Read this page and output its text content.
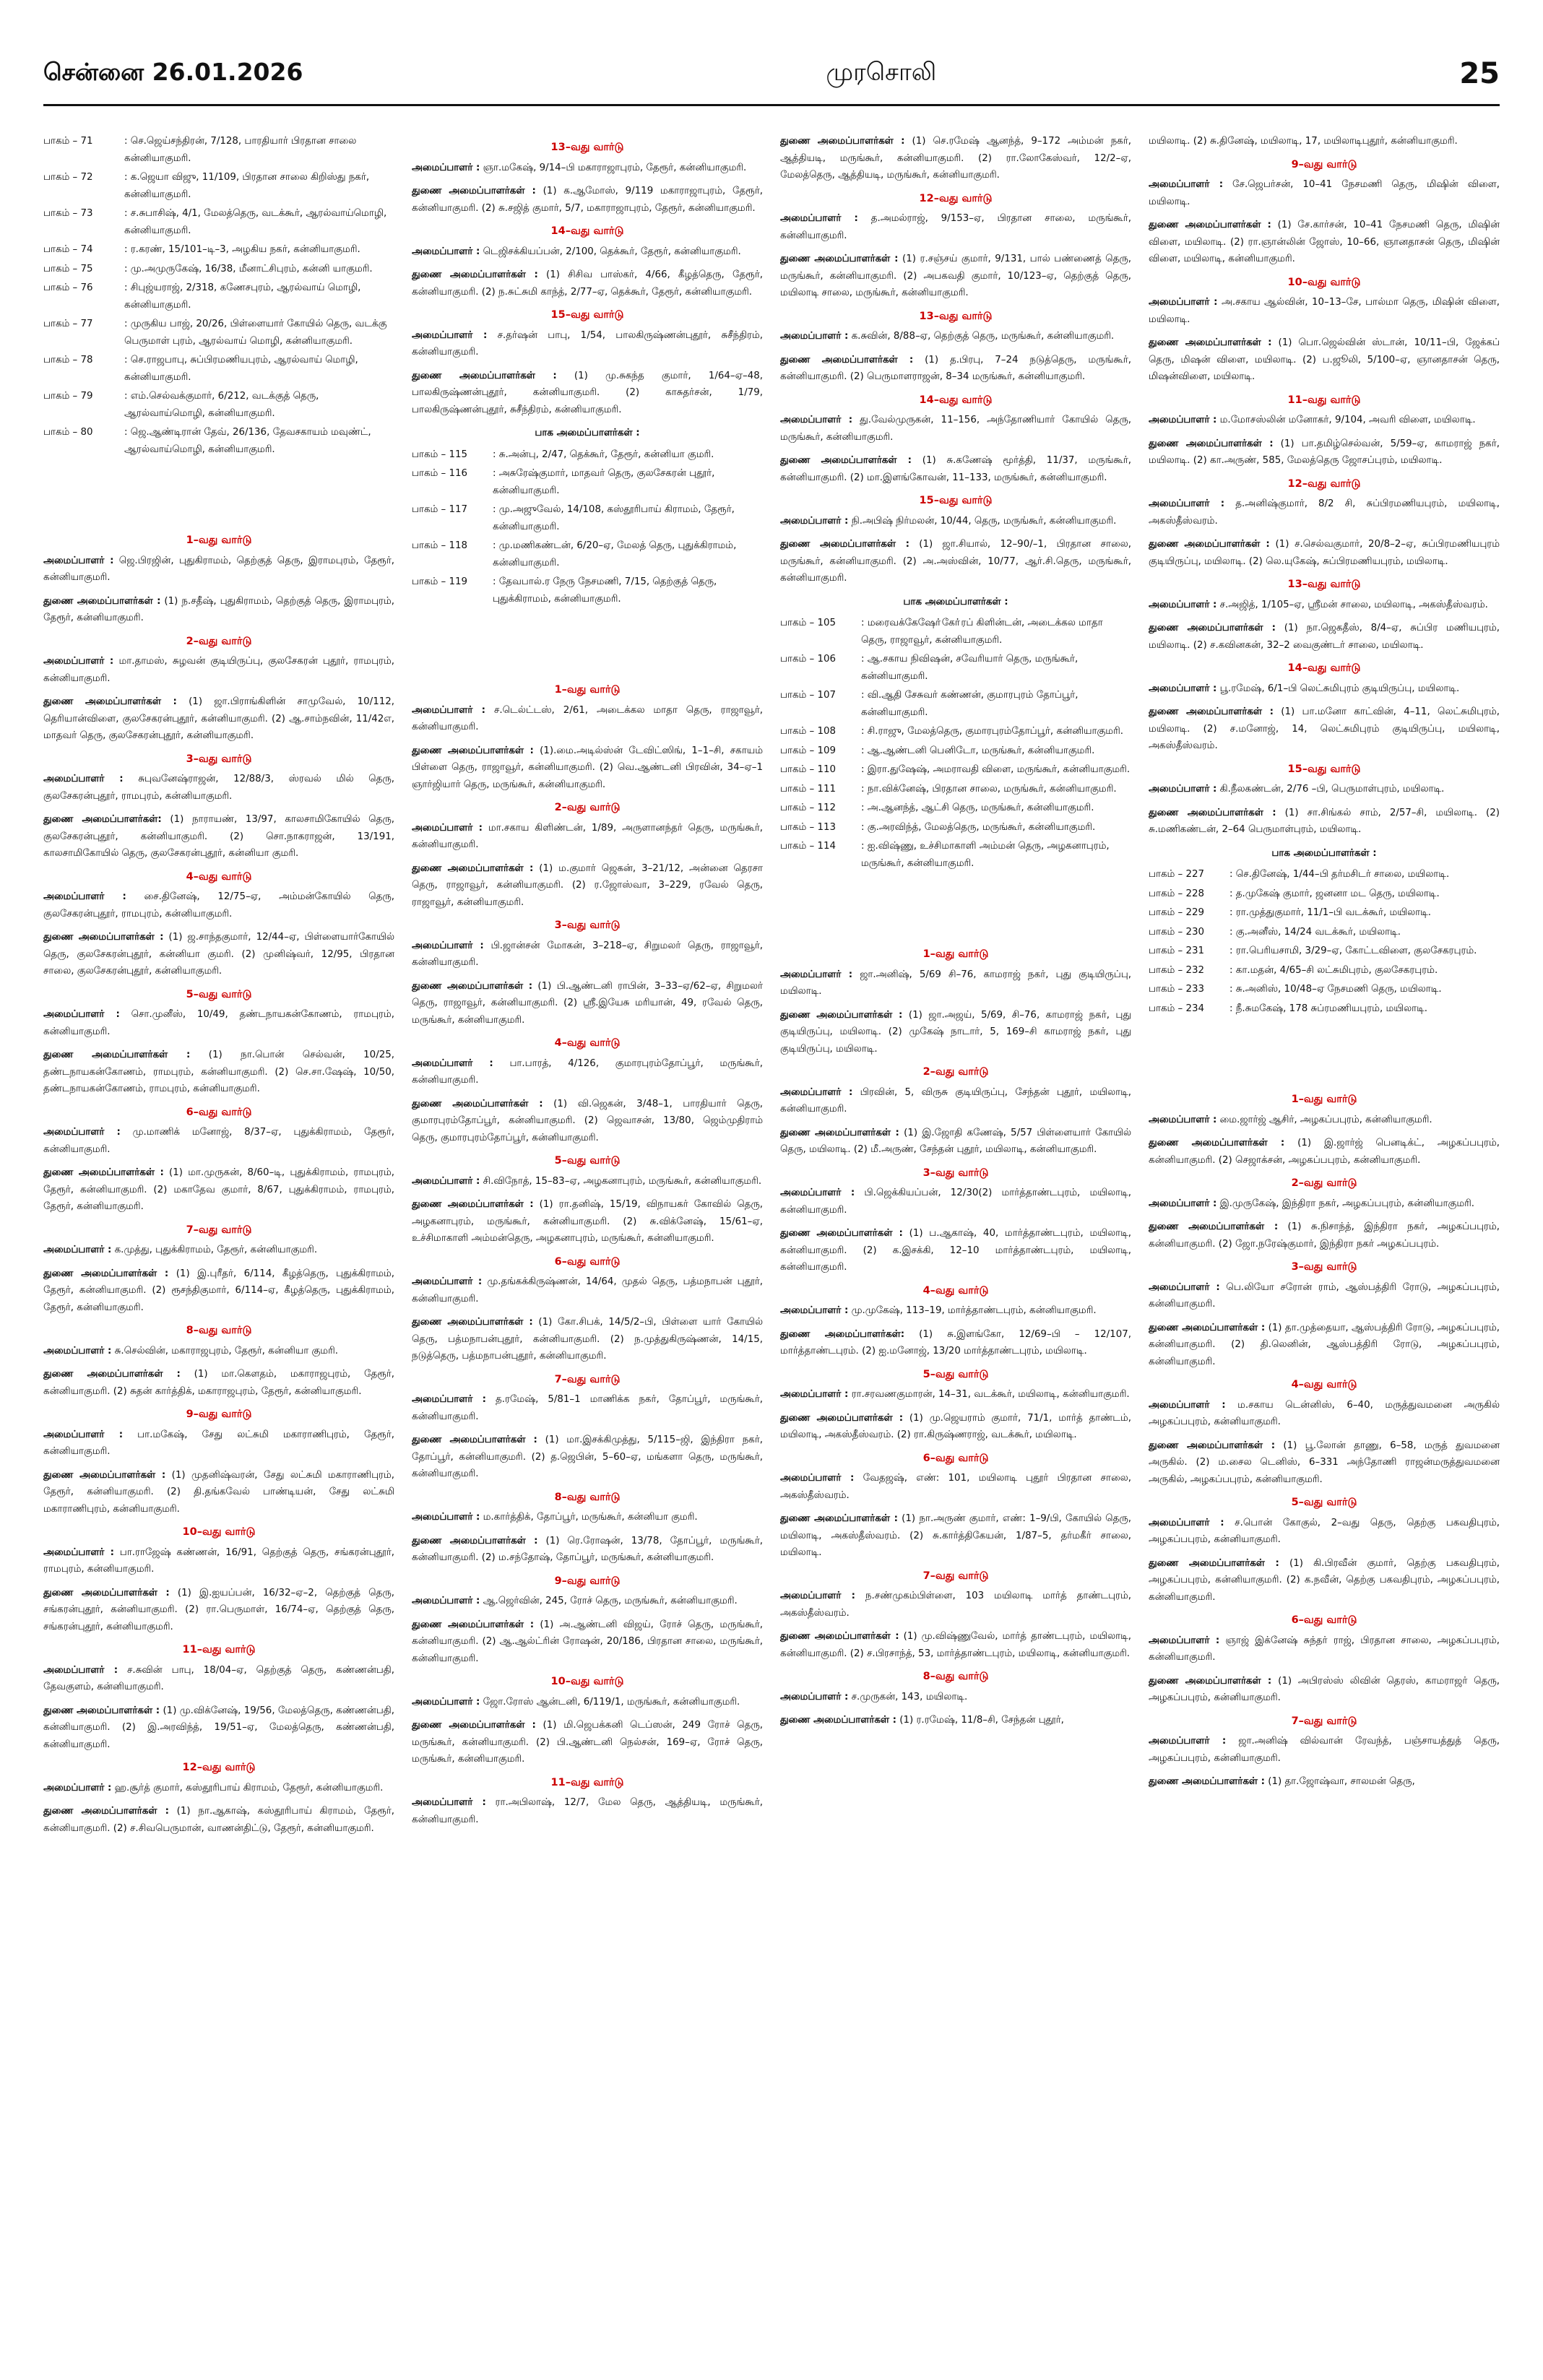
சென்னை 26.01.2026	முரசொலி	25
பாகம் – 71	: செ.ஜெய்சந்திரன், 7/128, பாரதியார் பிரதான சாலை கன்னியாகுமரி.
பாகம் – 72	: க.ஜெயா விஜு, 11/109, பிரதான சாலை கிறிஸ்து நகர், கன்னியாகுமரி.
பாகம் – 73	: ச.சுபாசிஷ், 4/1, மேலத்தெரு, வடக்கூர், ஆரல்வாய்மொழி, கன்னியாகுமரி.
பாகம் – 74	: ர.கரண், 15/101–டி–3, அழகிய நகர், கன்னியாகுமரி.
பாகம் – 75	: மு.அமுருகேஷ், 16/38, மீனாட்சிபுரம், கன்னி யாகுமரி.
பாகம் – 76	: சிபுஜ்யராஜ், 2/318, கணேசபுரம், ஆரல்வாய் மொழி, கன்னியாகுமரி.
பாகம் – 77	: முருகிய பாஜ், 20/26, பிள்ளையார் கோயில் தெரு, வடக்கு பெருமாள் புரம், ஆரல்வாய் மொழி, கன்னியாகுமரி.
பாகம் – 78	: செ.ராஜபாபு, சுப்பிரமணியபுரம், ஆரல்வாய் மொழி, கன்னியாகுமரி.
பாகம் – 79	: எம்.செல்வக்குமார், 6/212, வடக்குத் தெரு, ஆரல்வாய்மொழி, கன்னியாகுமரி.
பாகம் – 80	: ஜெ.ஆண்டிரான் தேவ், 26/136, தேவசகாயம் மவுண்ட், ஆரல்வாய்மொழி, கன்னியாகுமரி.
1–வது வார்டு
அமைப்பாளர் : ஜெ.பிரஜின், புதுகிராமம், தெற்குத் தெரு, இராமபுரம், தேரூர், கன்னியாகுமரி.
துணை அமைப்பாளர்கள் : (1) ந.சதீஷ், புதுகிராமம், தெற்குத் தெரு, இராமபுரம், தேரூர், கன்னியாகுமரி.
2–வது வார்டு
அமைப்பாளர் : மா.தாமஸ், சுழவன் குடியிருப்பு, குலசேகரன் புதூர், ராமபுரம், கன்னியாகுமரி.
துணை அமைப்பாளர்கள் : (1) ஜா.பிராங்கிளின் சாமுவேல், 10/112, தெரியான்விளை, குலசேகரன்புதூர், கன்னியாகுமரி. (2) ஆ.சாம்நவின், 11/42எ, மாதவர் தெரு, குலசேகரன்புதூர், கன்னியாகுமரி.
3–வது வார்டு
அமைப்பாளர் : சுபுவனேஷ்ராஜன், 12/88/3, ஸ்ரவல் மில் தெரு, குலசேகரன்புதூர், ராமபுரம், கன்னியாகுமரி.
துணை அமைப்பாளர்கள்: (1) நாராயண், 13/97, காலசாமிகோயில் தெரு, குலசேகரன்புதூர், கன்னியாகுமரி. (2) சொ.நாகராஜன், 13/191, காலசாமிகோயில் தெரு, குலசேகரன்புதூர், கன்னியா குமரி.
4–வது வார்டு
அமைப்பாளர் : சை.தினேஷ், 12/75–ஏ, அம்மன்கோயில் தெரு, குலசேகரன்புதூர், ராமபுரம், கன்னியாகுமரி.
துணை அமைப்பாளர்கள் : (1) ஜ.சாந்தகுமார், 12/44–ஏ, பிள்ளையார்கோயில் தெரு, குலசேகரன்புதூர், கன்னியா குமரி. (2) முனிஷ்வர், 12/95, பிரதான சாலை, குலசேகரன்புதூர், கன்னியாகுமரி.
5–வது வார்டு
அமைப்பாளர் : சொ.முனீஸ், 10/49, தண்டநாயகன்கோணம், ராமபுரம், கன்னியாகுமரி.
துணை அமைப்பாளர்கள் : (1) நா.பொன் செல்வன், 10/25, தண்டநாயகன்கோணம், ராமபுரம், கன்னியாகுமரி. (2) செ.சா.ஷேஷ், 10/50, தண்டநாயகன்கோணம், ராமபுரம், கன்னியாகுமரி.
6–வது வார்டு
அமைப்பாளர் : மு.மாணிக் மனோஜ், 8/37–ஏ, புதுக்கிராமம், தேரூர், கன்னியாகுமரி.
துணை அமைப்பாளர்கள் : (1) மா.முருகன், 8/60–டி, புதுக்கிராமம், ராமபுரம், தேரூர், கன்னியாகுமரி. (2) மகாதேவ குமார், 8/67, புதுக்கிராமம், ராமபுரம், தேரூர், கன்னியாகுமரி.
7–வது வார்டு
அமைப்பாளர் : க.முத்து, புதுக்கிராமம், தேரூர், கன்னியாகுமரி.
துணை அமைப்பாளர்கள் : (1) இ.புரீதர், 6/114, கீழத்தெரு, புதுக்கிராமம், தேரூர், கன்னியாகுமரி. (2) ரூசந்திகுமார், 6/114–ஏ, கீழத்தெரு, புதுக்கிராமம், தேரூர், கன்னியாகுமரி.
8–வது வார்டு
அமைப்பாளர் : சு.செல்வின், மகாராஜபுரம், தேரூர், கன்னியா குமரி.
துணை அமைப்பாளர்கள் : (1) மா.கௌதம், மகாராஜபுரம், தேரூர், கன்னியாகுமரி. (2) சுதன் கார்த்திக், மகாராஜபுரம், தேரூர், கன்னியாகுமரி.
9–வது வார்டு
அமைப்பாளர் : பா.மகேஷ், சேது லட்சுமி மகாராணிபுரம், தேரூர், கன்னியாகுமரி.
துணை அமைப்பாளர்கள் : (1) முதனிஷ்வரன், சேது லட்சுமி மகாராணிபுரம், தேரூர், கன்னியாகுமரி. (2) தி.தங்கவேல் பாண்டியன், சேது லட்சுமி மகாராணிபுரம், கன்னியாகுமரி.
10–வது வார்டு
அமைப்பாளர் : பா.ராஜேஷ் கண்ணன், 16/91, தெற்குத் தெரு, சங்கரன்புதூர், ராமபுரம், கன்னியாகுமரி.
துணை அமைப்பாளர்கள் : (1) இ.ஐயப்பன், 16/32–ஏ–2, தெற்குத் தெரு, சங்கரன்புதூர், கன்னியாகுமரி. (2) ரா.பெருமாள், 16/74–ஏ, தெற்குத் தெரு, சங்கரன்புதூர், கன்னியாகுமரி.
11–வது வார்டு
அமைப்பாளர் : ச.சுவின் பாபு, 18/04–ஏ, தெற்குத் தெரு, கண்ணன்பதி, தேவகுளம், கன்னியாகுமரி.
துணை அமைப்பாளர்கள் : (1) மு.விக்னேஷ், 19/56, மேலத்தெரு, கண்ணன்பதி, கன்னியாகுமரி. (2) இ.அரவிந்த், 19/51–ஏ, மேலத்தெரு, கண்ணன்பதி, கன்னியாகுமரி.
12–வது வார்டு
அமைப்பாளர் : ஹ.சூர்த் குமார், கஸ்தூரிபாய் கிராமம், தேரூர், கன்னியாகுமரி.
துணை அமைப்பாளர்கள் : (1) நா.ஆகாஷ், கஸ்தூரிபாய் கிராமம், தேரூர், கன்னியாகுமரி. (2) ச.சிவபெருமான், வாணன்திட்டு, தேரூர், கன்னியாகுமரி.
13–வது வார்டு
அமைப்பாளர் : ஞா.மகேஷ், 9/14–பி மகாராஜாபுரம், தேரூர், கன்னியாகுமரி.
துணை அமைப்பாளர்கள் : (1) க.ஆமோஸ், 9/119 மகாராஜாபுரம், தேரூர், கன்னியாகுமரி. (2) சு.சஜித் குமார், 5/7, மகாராஜாபுரம், தேரூர், கன்னியாகுமரி.
14–வது வார்டு
அமைப்பாளர் : டெஜிசக்கியப்பன், 2/100, தெக்கூர், தேரூர், கன்னியாகுமரி.
துணை அமைப்பாளர்கள் : (1) சிசிவ பாஸ்கர், 4/66, கீழத்தெரு, தேரூர், கன்னியாகுமரி. (2) ந.சுட்சுமி காந்த், 2/77–ஏ, தெக்கூர், தேரூர், கன்னியாகுமரி.
15–வது வார்டு
அமைப்பாளர் : ச.தர்ஷன் பாபு, 1/54, பாலகிருஷ்ணன்புதூர், சுசீந்திரம், கன்னியாகுமரி.
துணை அமைப்பாளர்கள் : (1) மு.சுகந்த குமார், 1/64–ஏ–48, பாலகிருஷ்ணன்புதூர், கன்னியாகுமரி. (2) காசுதர்சன், 1/79, பாலகிருஷ்ணன்புதூர், சுசீந்திரம், கன்னியாகுமரி.
பாக அமைப்பாளர்கள் :
பாகம் – 115	: சு.அன்பு, 2/47, தெக்கூர், தேரூர், கன்னியா குமரி.
பாகம் – 116	: அசுரேஷ்குமார், மாதவர் தெரு, குலசேகரன் புதூர், கன்னியாகுமரி.
பாகம் – 117	: மு.அஜுவேல், 14/108, கஸ்தூரிபாய் கிராமம், தேரூர், கன்னியாகுமரி.
பாகம் – 118	: மு.மணிகண்டன், 6/20–ஏ, மேலத் தெரு, புதுக்கிராமம், கன்னியாகுமரி.
பாகம் – 119	: தேவபால்.ர நேரு நேசமணி, 7/15, தெற்குத் தெரு, புதுக்கிராமம், கன்னியாகுமரி.
1–வது வார்டு
அமைப்பாளர் : ச.டெல்ட்டஸ், 2/61, அடைக்கல மாதா தெரு, ராஜாவூர், கன்னியாகுமரி.
துணை அமைப்பாளர்கள் : (1).மை.அடில்ஸ்ன் டேவிட்ஸிங், 1–1–சி, சகாயம் பிள்ளை தெரு, ராஜாவூர், கன்னியாகுமரி. (2) வெ.ஆண்டனி பிரவின், 34–ஏ–1 ஞார்ஜியார் தெரு, மருங்கூர், கன்னியாகுமரி.
2–வது வார்டு
அமைப்பாளர் : மா.சகாய கிளிண்டன், 1/89, அருளானந்தர் தெரு, மருங்கூர், கன்னியாகுமரி.
துணை அமைப்பாளர்கள் : (1) ம.குமார் ஜெகன், 3–21/12, அன்னை தெரசா தெரு, ராஜாவூர், கன்னியாகுமரி. (2) ர.ஜோஸ்வா, 3–229, ரவேல் தெரு, ராஜாவூர், கன்னியாகுமரி.
3–வது வார்டு
அமைப்பாளர் : பி.ஜான்சன் மோகன், 3–218–ஏ, சிறுமலர் தெரு, ராஜாவூர், கன்னியாகுமரி.
துணை அமைப்பாளர்கள் : (1) பி.ஆண்டனி ராபின், 3–33–ஏ/62–ஏ, சிறுமலர் தெரு, ராஜாவூர், கன்னியாகுமரி. (2) ஸ்ரீ.இயேசு மரியான், 49, ரவேல் தெரு, மருங்கூர், கன்னியாகுமரி.
4–வது வார்டு
அமைப்பாளர் : பா.பாரத், 4/126, குமாரபுரம்தோப்பூர், மருங்கூர், கன்னியாகுமரி.
துணை அமைப்பாளர்கள் : (1) வி.ஜெகன், 3/48–1, பாரதியார் தெரு, குமாரபுரம்தோப்பூர், கன்னியாகுமரி. (2) ஜெவாசன், 13/80, ஜெம்முதிராம் தெரு, குமாரபுரம்தோப்பூர், கன்னியாகுமரி.
5–வது வார்டு
அமைப்பாளர் : சி.விநோத், 15–83–ஏ, அழகனாபுரம், மருங்கூர், கன்னியாகுமரி.
துணை அமைப்பாளர்கள் : (1) ரா.தனிஷ், 15/19, விநாயகர் கோவில் தெரு, அழகனாபுரம், மருங்கூர், கன்னியாகுமரி. (2) சு.விக்னேஷ், 15/61–ஏ, உச்சிமாகாளி அம்மன்தெரு, அழகனாபுரம், மருங்கூர், கன்னியாகுமரி.
6–வது வார்டு
அமைப்பாளர் : மு.தங்கக்கிருஷ்ணன், 14/64, முதல் தெரு, பத்மநாபன் புதூர், கன்னியாகுமரி.
துணை அமைப்பாளர்கள் : (1) கோ.சிபக், 14/5/2–பி, பிள்ளை யார் கோயில் தெரு, பத்மநாபன்புதூர், கன்னியாகுமரி. (2) ந.முத்துகிருஷ்ணன், 14/15, நடுத்தெரு, பத்மநாபன்புதூர், கன்னியாகுமரி.
7–வது வார்டு
அமைப்பாளர் : த.ரமேஷ், 5/81–1 மாணிக்க நகர், தோப்பூர், மருங்கூர், கன்னியாகுமரி.
துணை அமைப்பாளர்கள் : (1) மா.இசக்கிமுத்து, 5/115–ஜி, இந்திரா நகர், தோப்பூர், கன்னியாகுமரி. (2) த.ஜெபின், 5–60–ஏ, மங்களா தெரு, மருங்கூர், கன்னியாகுமரி.
8–வது வார்டு
அமைப்பாளர் : ம.கார்த்திக், தோப்பூர், மருங்கூர், கன்னியா குமரி.
துணை அமைப்பாளர்கள் : (1) ரெ.ரோஷன், 13/78, தோப்பூர், மருங்கூர், கன்னியாகுமரி. (2) ம.சந்தோஷ், தோப்பூர், மருங்கூர், கன்னியாகுமரி.
9–வது வார்டு
அமைப்பாளர் : ஆ.ஜெர்வின், 245, ரோச் தெரு, மருங்கூர், கன்னியாகுமரி.
துணை அமைப்பாளர்கள் : (1) அ.ஆண்டனி விஜய், ரோச் தெரு, மருங்கூர், கன்னியாகுமரி. (2) ஆ.ஆல்ட்ரின் ரோஷன், 20/186, பிரதான சாலை, மருங்கூர், கன்னியாகுமரி.
10–வது வார்டு
அமைப்பாளர் : ஜோ.ரோஸ் ஆன்டனி, 6/119/1, மருங்கூர், கன்னியாகுமரி.
துணை அமைப்பாளர்கள் : (1) மி.ஜெபக்கனி டெப்ஸன், 249 ரோச் தெரு, மருங்கூர், கன்னியாகுமரி. (2) பி.ஆண்டனி நெல்சன், 169–ஏ, ரோச் தெரு, மருங்கூர், கன்னியாகுமரி.
11–வது வார்டு
அமைப்பாளர் : ரா.அபிலாஷ், 12/7, மேல தெரு, ஆத்தியடி, மருங்கூர், கன்னியாகுமரி.
துணை அமைப்பாளர்கள் : (1) செ.ரமேஷ் ஆனந்த், 9–172 அம்மன் நகர், ஆத்தியடி, மருங்கூர், கன்னியாகுமரி. (2) ரா.லோகேஸ்வர், 12/2–ஏ, மேலத்தெரு, ஆத்தியடி, மருங்கூர், கன்னியாகுமரி.
12–வது வார்டு
அமைப்பாளர் : த.அமல்ராஜ், 9/153–ஏ, பிரதான சாலை, மருங்கூர், கன்னியாகுமரி.
துணை அமைப்பாளர்கள் : (1) ர.சஞ்சய் குமார், 9/131, பால் பண்ணைத் தெரு, மருங்கூர், கன்னியாகுமரி. (2) அபகவதி குமார், 10/123–ஏ, தெற்குத் தெரு, மயிலாடி சாலை, மருங்கூர், கன்னியாகுமரி.
13–வது வார்டு
அமைப்பாளர் : க.சுவின், 8/88–ஏ, தெற்குத் தெரு, மருங்கூர், கன்னியாகுமரி.
துணை அமைப்பாளர்கள் : (1) த.பிரபு, 7–24 நடுத்தெரு, மருங்கூர், கன்னியாகுமரி. (2) பெருமாளராஜன், 8–34 மருங்கூர், கன்னியாகுமரி.
14–வது வார்டு
அமைப்பாளர் : து.வேல்முருகன், 11–156, அந்தோணியார் கோயில் தெரு, மருங்கூர், கன்னியாகுமரி.
துணை அமைப்பாளர்கள் : (1) சு.கணேஷ் மூர்த்தி, 11/37, மருங்கூர், கன்னியாகுமரி. (2) மா.இளங்கோவன், 11–133, மருங்கூர், கன்னியாகுமரி.
15–வது வார்டு
அமைப்பாளர் : நி.அபிஷ் நிர்மலன், 10/44, தெரு, மருங்கூர், கன்னியாகுமரி.
துணை அமைப்பாளர்கள் : (1) ஜா.சியால், 12–90/–1, பிரதான சாலை, மருங்கூர், கன்னியாகுமரி. (2) அ.அஸ்வின், 10/77, ஆர்.சி.தெரு, மருங்கூர், கன்னியாகுமரி.
பாக அமைப்பாளர்கள் :
பாகம் – 105	: மரைவக்கேஷோ்கோ்ரப் கிளின்டன், அடைக்கல மாதா தெரு, ராஜாவூர், கன்னியாகுமரி.
பாகம் – 106	: ஆ.சகாய நிவிஷன், சவேரியார் தெரு, மருங்கூர், கன்னியாகுமரி.
பாகம் – 107	: வி.ஆதி சேசுவர் கண்ணன், குமாரபுரம் தோப்பூர், கன்னியாகுமரி.
பாகம் – 108	: சி.ராஜு, மேலத்தெரு, குமாரபுரம்தோப்பூர், கன்னியாகுமரி.
பாகம் – 109	: ஆ.ஆண்டனி பெனிடோ, மருங்கூர், கன்னியாகுமரி.
பாகம் – 110	: இரா.துஷேஷ், அமராவதி விளை, மருங்கூர், கன்னியாகுமரி.
பாகம் – 111	: நா.விக்னேஷ், பிரதான சாலை, மருங்கூர், கன்னியாகுமரி.
பாகம் – 112	: அ.ஆனந்த், ஆட்சி தெரு, மருங்கூர், கன்னியாகுமரி.
பாகம் – 113	: கு.அரவிந்த், மேலத்தெரு, மருங்கூர், கன்னியாகுமரி.
பாகம் – 114	: ஐ.விஷ்ணு, உச்சிமாகாளி அம்மன் தெரு, அழகனாபுரம், மருங்கூர், கன்னியாகுமரி.
1–வது வார்டு
அமைப்பாளர் : ஜா.அனிஷ், 5/69 சி–76, காமராஜ் நகர், புது குடியிருப்பு, மயிலாடி.
துணை அமைப்பாளர்கள் : (1) ஜா.அஜய், 5/69, சி–76, காமராஜ் நகர், புது குடியிருப்பு, மயிலாடி. (2) முகேஷ் நாடார், 5, 169–சி காமராஜ் நகர், புது குடியிருப்பு, மயிலாடி.
2–வது வார்டு
அமைப்பாளர் : பிரவின், 5, விருசு குடியிருப்பு, சேந்தன் புதூர், மயிலாடி, கன்னியாகுமரி.
துணை அமைப்பாளர்கள் : (1) இ.ஜோதி கணேஷ், 5/57 பிள்ளையார் கோயில் தெரு, மயிலாடி. (2) மீ.அருண், சேந்தன் புதூர், மயிலாடி, கன்னியாகுமரி.
3–வது வார்டு
அமைப்பாளர் : பி.ஜெக்கியப்பன், 12/30(2) மார்த்தாண்டபுரம், மயிலாடி, கன்னியாகுமரி.
துணை அமைப்பாளர்கள் : (1) ப.ஆகாஷ், 40, மார்த்தாண்டபுரம், மயிலாடி, கன்னியாகுமரி. (2) க.இசக்கி, 12–10 மார்த்தாண்டபுரம், மயிலாடி, கன்னியாகுமரி.
4–வது வார்டு
அமைப்பாளர் : மு.முகேஷ், 113–19, மார்த்தாண்டபுரம், கன்னியாகுமரி.
துணை அமைப்பாளர்கள்: (1) சு.இளங்கோ, 12/69–பி – 12/107, மார்த்தாண்டபுரம். (2) ஐ.மனோஜ், 13/20 மார்த்தாண்டபுரம், மயிலாடி.
5–வது வார்டு
அமைப்பாளர் : ரா.சரவணகுமாரன், 14–31, வடக்கூர், மயிலாடி, கன்னியாகுமரி.
துணை அமைப்பாளர்கள் : (1) மு.ஜெயராம் குமார், 71/1, மார்த் தாண்டம், மயிலாடி, அகஸ்தீஸ்வரம். (2) ரா.கிருஷ்ணராஜ், வடக்கூர், மயிலாடி.
6–வது வார்டு
அமைப்பாளர் : வேதஜஷ், எண்: 101, மயிலாடி புதூர் பிரதான சாலை, அகஸ்தீஸ்வரம்.
துணை அமைப்பாளர்கள் : (1) நா.அருண் குமார், எண்: 1–9/பி, கோயில் தெரு, மயிலாடி, அகஸ்தீஸ்வரம். (2) சு.கார்த்திகேயன், 1/87–5, தர்மகீர் சாலை, மயிலாடி.
7–வது வார்டு
அமைப்பாளர் : ந.சண்முகம்பிள்ளை, 103 மயிலாடி மார்த் தாண்டபுரம், அகஸ்தீஸ்வரம்.
துணை அமைப்பாளர்கள் : (1) மு.விஷ்ணுவேல், மார்த் தாண்டபுரம், மயிலாடி, கன்னியாகுமரி. (2) ச.பிரசாந்த், 53, மார்த்தாண்டபுரம், மயிலாடி, கன்னியாகுமரி.
8–வது வார்டு
அமைப்பாளர் : ச.முருகன், 143, மயிலாடி.
துணை அமைப்பாளர்கள் : (1) ர.ரமேஷ், 11/8–சி, சேந்தன் புதூர்,
மயிலாடி. (2) சு.தினேஷ், மயிலாடி, 17, மயிலாடிபுதூர், கன்னியாகுமரி.
9–வது வார்டு
அமைப்பாளர் : சே.ஜெபர்சன், 10–41 நேசமணி தெரு, மிஷின் விளை, மயிலாடி.
துணை அமைப்பாளர்கள் : (1) சே.கார்சன், 10–41 நேசமணி தெரு, மிஷின் விளை, மயிலாடி. (2) ரா.ஞான்லின் ஜோஸ், 10–66, ஞானதாசன் தெரு, மிஷின் விளை, மயிலாடி, கன்னியாகுமரி.
10–வது வார்டு
அமைப்பாளர் : அ.சகாய ஆல்வின், 10–13–சே, பால்மா தெரு, மிஷின் விளை, மயிலாடி.
துணை அமைப்பாளர்கள் : (1) பொ.ஜெல்வின் ஸ்டான், 10/11–பி, ஜேக்கப் தெரு, மிஷன் விளை, மயிலாடி. (2) ப.ஜூலி, 5/100–ஏ, ஞானதாசன் தெரு, மிஷன்விளை, மயிலாடி.
11–வது வார்டு
அமைப்பாளர் : ம.மோசஸ்லின் மனோகர், 9/104, அவரி விளை, மயிலாடி.
துணை அமைப்பாளர்கள் : (1) பா.தமிழ்செல்வன், 5/59–ஏ, காமராஜ் நகர், மயிலாடி. (2) கா.அருண், 585, மேலத்தெரு ஜோசப்புரம், மயிலாடி.
12–வது வார்டு
அமைப்பாளர் : த.அனிஷ்குமார், 8/2 சி, சுப்பிரமணியபுரம், மயிலாடி, அகஸ்தீஸ்வரம்.
துணை அமைப்பாளர்கள் : (1) ச.செல்வகுமார், 20/8–2–ஏ, சுப்பிரமணியபுரம் குடியிருப்பு, மயிலாடி. (2) லெ.யுகேஷ், சுப்பிரமணியபுரம், மயிலாடி.
13–வது வார்டு
அமைப்பாளர் : ச.அஜித், 1/105–ஏ, ஸ்ரீமன் சாலை, மயிலாடி, அகஸ்தீஸ்வரம்.
துணை அமைப்பாளர்கள் : (1) நா.ஜெகதீஸ், 8/4–ஏ, சுப்பிர மணியபுரம், மயிலாடி. (2) ச.கவினகன், 32–2 வைகுண்டர் சாலை, மயிலாடி.
14–வது வார்டு
அமைப்பாளர் : பூ.ரமேஷ், 6/1–பி லெட்சுமிபுரம் குடியிருப்பு, மயிலாடி.
துணை அமைப்பாளர்கள் : (1) பா.மனோ காட்வின், 4–11, லெட்சுமிபுரம், மயிலாடி. (2) ச.மனோஜ், 14, லெட்சுமிபுரம் குடியிருப்பு, மயிலாடி, அகஸ்தீஸ்வரம்.
15–வது வார்டு
அமைப்பாளர் : கி.நீலகண்டன், 2/76 –பி, பெருமாள்புரம், மயிலாடி.
துணை அமைப்பாளர்கள் : (1) சா.சிங்கல் சாம், 2/57–சி, மயிலாடி. (2) சு.மணிகண்டன், 2–64 பெருமாள்புரம், மயிலாடி.
பாக அமைப்பாளர்கள் :
பாகம் – 227	: செ.தினேஷ், 1/44–பி தர்மசிடர் சாலை, மயிலாடி.
பாகம் – 228	: த.முகேஷ் குமார், ஜனனா மட தெரு, மயிலாடி.
பாகம் – 229	: ரா.முத்துகுமார், 11/1–பி வடக்கூர், மயிலாடி.
பாகம் – 230	: கு.அனீஸ், 14/24 வடக்கூர், மயிலாடி.
பாகம் – 231	: ரா.பெரியசாமி, 3/29–ஏ, கோட்டவிளை, குலசேகரபுரம்.
பாகம் – 232	: கா.மதன், 4/65–சி லட்சுமிபுரம், குலசேகரபுரம்.
பாகம் – 233	: சு.அனிஸ், 10/48–ஏ நேசமணி தெரு, மயிலாடி.
பாகம் – 234	: நீ.சுமகேஷ், 178 சுப்ரமணியபுரம், மயிலாடி.
1–வது வார்டு
அமைப்பாளர் : மை.ஜார்ஜ் ஆசிர், அழகப்பபுரம், கன்னியாகுமரி.
துணை அமைப்பாளர்கள் : (1) இ.ஜார்ஜ் பெனடிக்ட், அழகப்பபுரம், கன்னியாகுமரி. (2) செஜாக்சன், அழகப்பபுரம், கன்னியாகுமரி.
2–வது வார்டு
அமைப்பாளர் : இ.முருகேஷ், இந்திரா நகர், அழகப்பபுரம், கன்னியாகுமரி.
துணை அமைப்பாளர்கள் : (1) சு.நிசாந்த், இந்திரா நகர், அழகப்பபுரம், கன்னியாகுமரி. (2) ஜோ.நரேஷ்குமார், இந்திரா நகர் அழகப்பபுரம்.
3–வது வார்டு
அமைப்பாளர் : பெ.லியோ சரோன் ராம், ஆஸ்பத்திரி ரோடு, அழகப்பபுரம், கன்னியாகுமரி.
துணை அமைப்பாளர்கள் : (1) தா.முத்தையா, ஆஸ்பத்திரி ரோடு, அழகப்பபுரம், கன்னியாகுமரி. (2) தி.லெனின், ஆஸ்பத்திரி ரோடு, அழகப்பபுரம், கன்னியாகுமரி.
4–வது வார்டு
அமைப்பாளர் : ம.சகாய டென்னிஸ், 6–40, மருத்துவமனை அருகில் அழகப்பபுரம், கன்னியாகுமரி.
துணை அமைப்பாளர்கள் : (1) பூ.லோன் தாணு, 6–58, மருத் துவமனை அருகில். (2) ம.சைல டெனிஸ், 6–331 அந்தோணி ராஜன்மருத்துவமனை அருகில், அழகப்பபுரம், கன்னியாகுமரி.
5–வது வார்டு
அமைப்பாளர் : ச.பொன் கோகுல், 2–வது தெரு, தெற்கு பகவதிபுரம், அழகப்பபுரம், கன்னியாகுமரி.
துணை அமைப்பாளர்கள் : (1) கி.பிரவீன் குமார், தெற்கு பகவதிபுரம், அழகப்பபுரம், கன்னியாகுமரி. (2) க.நவீன், தெற்கு பகவதிபுரம், அழகப்பபுரம், கன்னியாகுமரி.
6–வது வார்டு
அமைப்பாளர் : ஞாஜ் இக்னேஷ் சுந்தர் ராஜ், பிரதான சாலை, அழகப்பபுரம், கன்னியாகுமரி.
துணை அமைப்பாளர்கள் : (1) அபிரஸ்ஸ் லிவின் தெரஸ், காமராஜர் தெரு, அழகப்பபுரம், கன்னியாகுமரி.
7–வது வார்டு
அமைப்பாளர் : ஜா.அனிஷ் வில்வான் ரேவந்த், பஞ்சாயத்துத் தெரு, அழகப்பபுரம், கன்னியாகுமரி.
துணை அமைப்பாளர்கள் : (1) தா.ஜோஷ்வா, சாலமன் தெரு,
